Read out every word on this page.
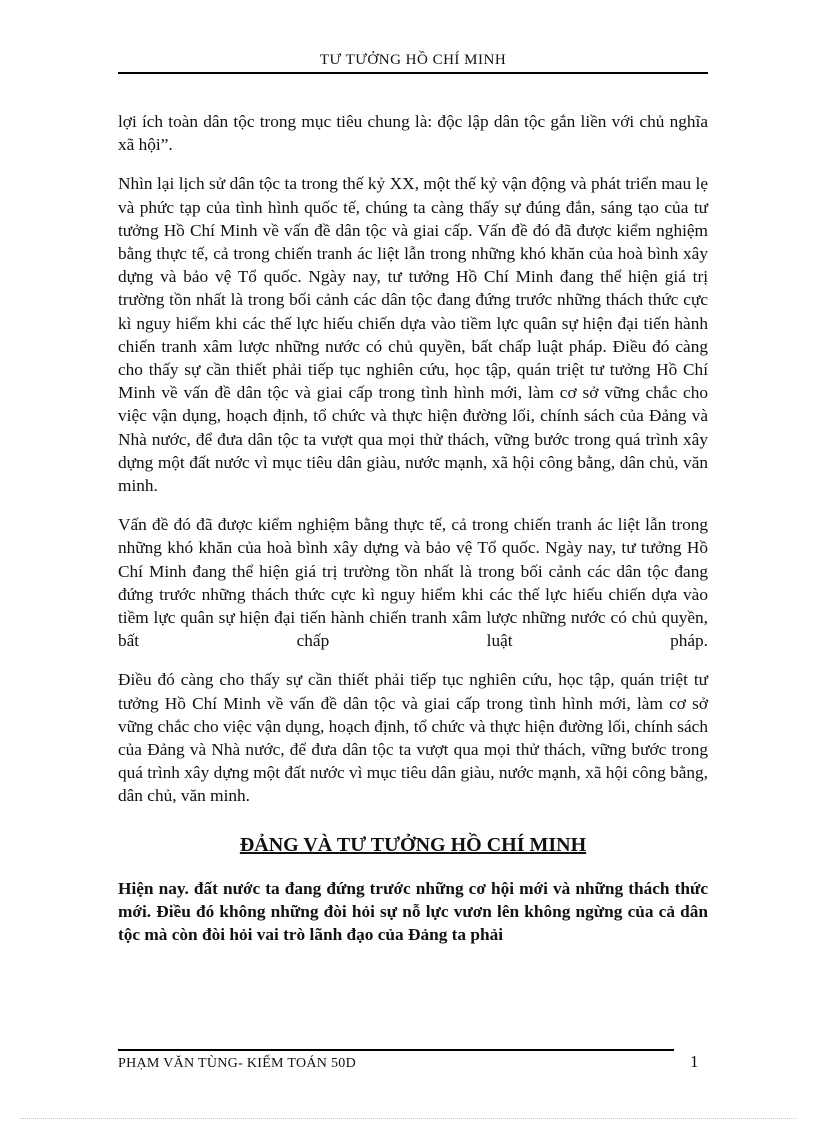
TƯ TƯỞNG HỒ CHÍ MINH

lợi ích toàn dân tộc trong mục tiêu chung là: độc lập dân tộc gắn liền với chủ nghĩa xã hội”.

Nhìn lại lịch sử dân tộc ta trong thế kỷ XX, một thế kỷ vận động và phát triển mau lẹ và phức tạp của tình hình quốc tế, chúng ta càng thấy sự đúng đắn, sáng tạo của tư tưởng Hồ Chí Minh về vấn đề dân tộc và giai cấp. Vấn đề đó đã được kiểm nghiệm bằng thực tế, cả trong chiến tranh ác liệt lẫn trong những khó khăn của hoà bình xây dựng và bảo vệ Tổ quốc. Ngày nay, tư tưởng Hồ Chí Minh đang thể hiện giá trị trường tồn nhất là trong bối cảnh các dân tộc đang đứng trước những thách thức cực kì nguy hiểm khi các thế lực hiếu chiến dựa vào tiềm lực quân sự hiện đại tiến hành chiến tranh xâm lược những nước có chủ quyền, bất chấp luật pháp. Điều đó càng cho thấy sự cần thiết phải tiếp tục nghiên cứu, học tập, quán triệt tư tưởng Hồ Chí Minh về vấn đề dân tộc và giai cấp trong tình hình mới, làm cơ sở vững chắc cho việc vận dụng, hoạch định, tổ chức và thực hiện đường lối, chính sách của Đảng và Nhà nước, để đưa dân tộc ta vượt qua mọi thử thách, vững bước trong quá trình xây dựng một đất nước vì mục tiêu dân giàu, nước mạnh, xã hội công bằng, dân chủ, văn minh.

Vấn đề đó đã được kiểm nghiệm bằng thực tế, cả trong chiến tranh ác liệt lẫn trong những khó khăn của hoà bình xây dựng và bảo vệ Tổ quốc. Ngày nay, tư tưởng Hồ Chí Minh đang thể hiện giá trị trường tồn nhất là trong bối cảnh các dân tộc đang đứng trước những thách thức cực kì nguy hiểm khi các thế lực hiếu chiến dựa vào tiềm lực quân sự hiện đại tiến hành chiến tranh xâm lược những nước có chủ quyền, bất chấp luật pháp.

Điều đó càng cho thấy sự cần thiết phải tiếp tục nghiên cứu, học tập, quán triệt tư tưởng Hồ Chí Minh về vấn đề dân tộc và giai cấp trong tình hình mới, làm cơ sở vững chắc cho việc vận dụng, hoạch định, tổ chức và thực hiện đường lối, chính sách của Đảng và Nhà nước, để đưa dân tộc ta vượt qua mọi thử thách, vững bước trong quá trình xây dựng một đất nước vì mục tiêu dân giàu, nước mạnh, xã hội công bằng, dân chủ, văn minh.

ĐẢNG VÀ TƯ TƯỞNG HỒ CHÍ MINH

Hiện nay. đất nước ta đang đứng trước những cơ hội mới và những thách thức mới. Điều đó không những đòi hỏi sự nỗ lực vươn lên không ngừng của cả dân tộc mà còn đòi hỏi vai trò lãnh đạo của Đảng ta phải

PHẠM VĂN TÙNG- KIỂM TOÁN 50D	1
